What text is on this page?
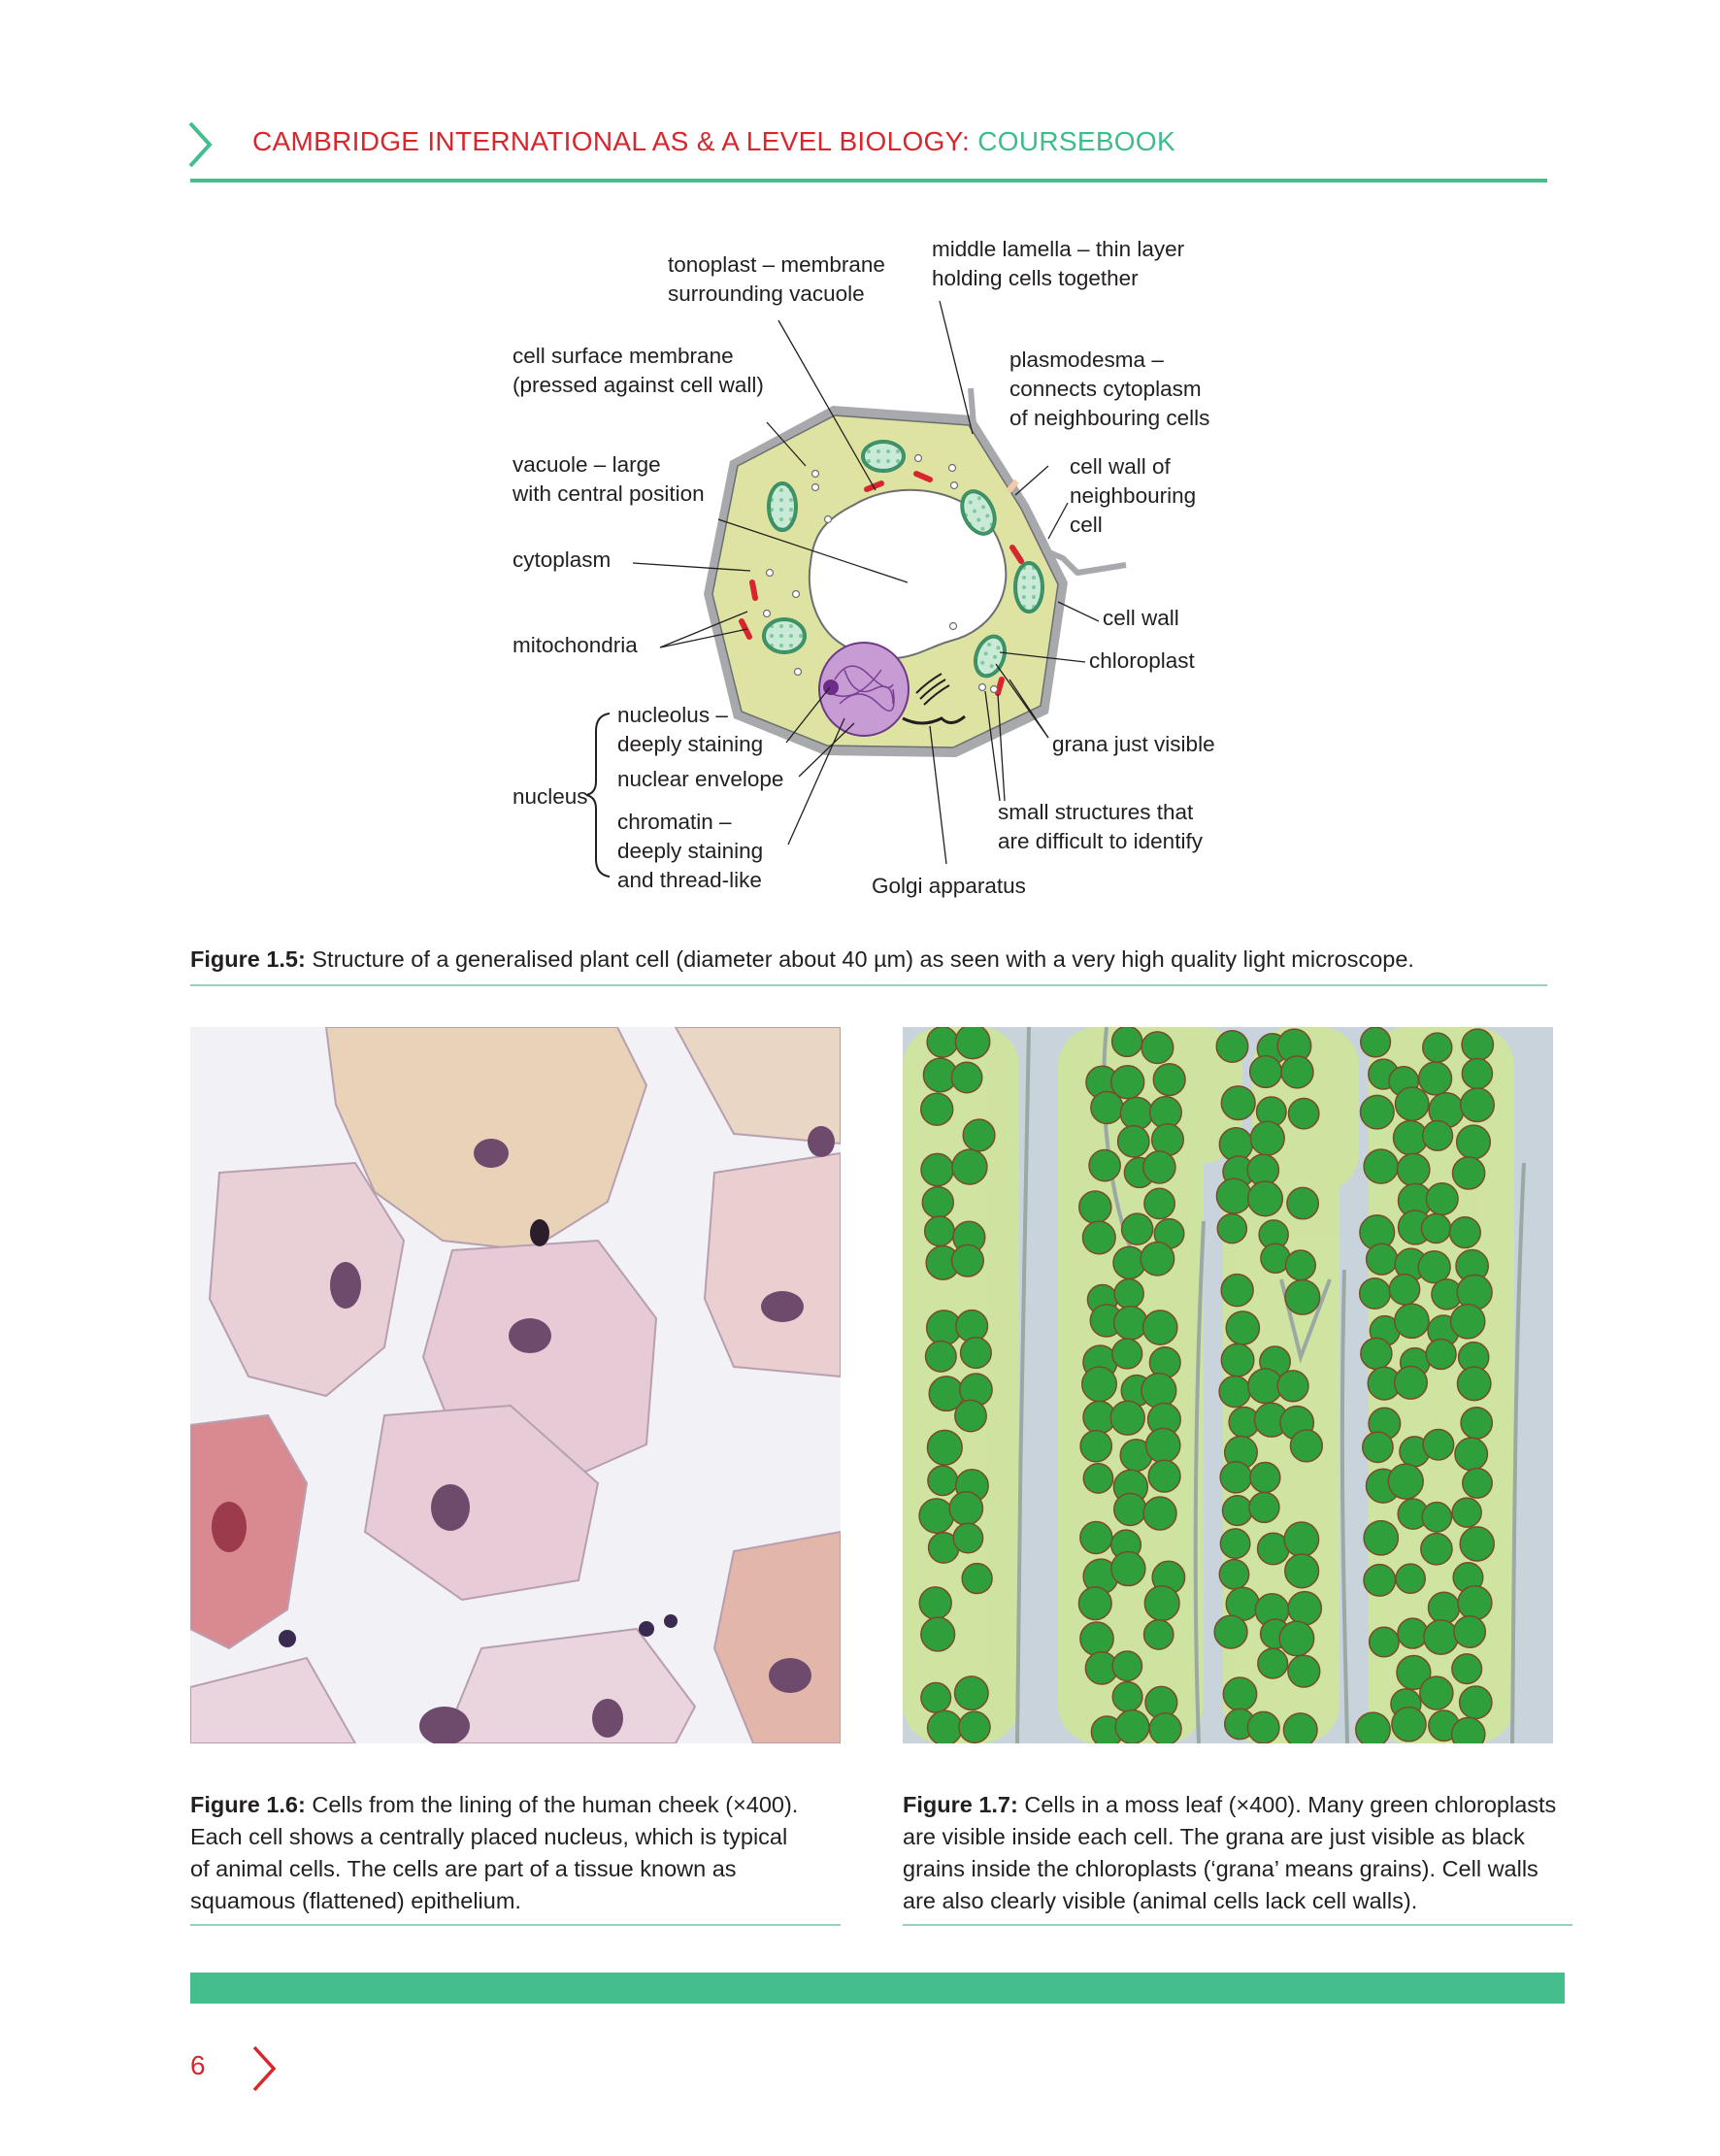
CAMBRIDGE INTERNATIONAL AS & A LEVEL BIOLOGY: COURSEBOOK
tonoplast – membrane
surrounding vacuole
middle lamella – thin layer
holding cells together
cell surface membrane
(pressed against cell wall)
plasmodesma –
connects cytoplasm
of neighbouring cells
vacuole – large
with central position
cell wall of
neighbouring
cell
cytoplasm
cell wall
mitochondria
chloroplast
nucleolus –
deeply staining	grana just visible
nuclear envelope
nucleus
chromatin –
deeply staining
and thread-like
small structures that
are difficult to identify
Golgi apparatus
Figure 1.5: Structure of a generalised plant cell (diameter about 40 µm) as seen with a very high quality light microscope.
Figure 1.6: Cells from the lining of the human cheek (×400).
Each cell shows a centrally placed nucleus, which is typical
of animal cells. The cells are part of a tissue known as
squamous (flattened) epithelium.
Figure 1.7: Cells in a moss leaf (×400). Many green chloroplasts
are visible inside each cell. The grana are just visible as black
grains inside the chloroplasts (‘grana’ means grains). Cell walls
are also clearly visible (animal cells lack cell walls).
6
